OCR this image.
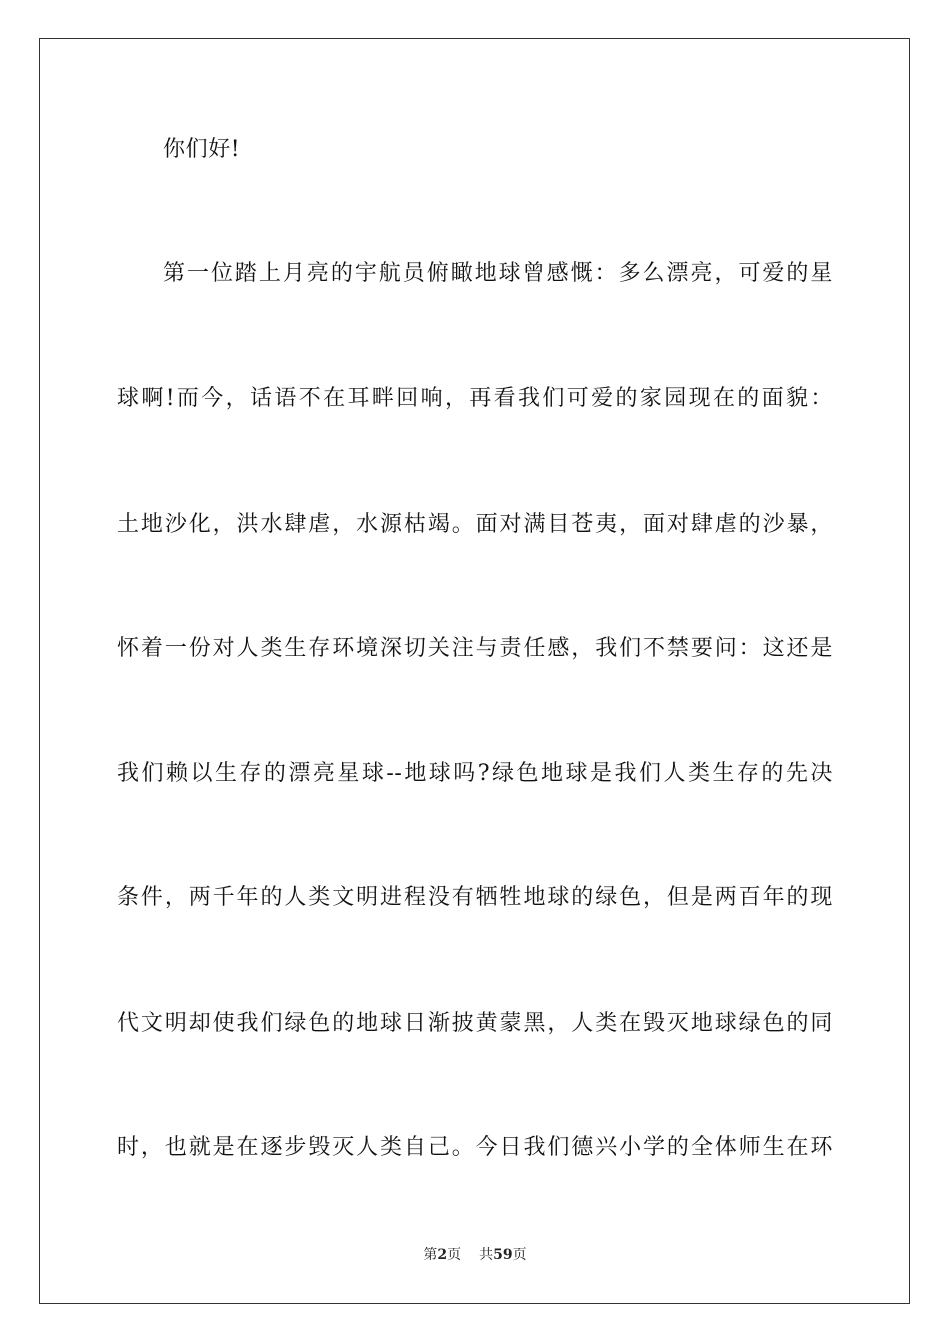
你们好!
第一位踏上月亮的宇航员俯瞰地球曾感慨：多么漂亮，可爱的星
球啊!而今，话语不在耳畔回响，再看我们可爱的家园现在的面貌：
土地沙化，洪水肆虐，水源枯竭。面对满目苍夷，面对肆虐的沙暴，
怀着一份对人类生存环境深切关注与责任感，我们不禁要问：这还是
我们赖以生存的漂亮星球--地球吗?绿色地球是我们人类生存的先决
条件，两千年的人类文明进程没有牺牲地球的绿色，但是两百年的现
代文明却使我们绿色的地球日渐披黄蒙黑，人类在毁灭地球绿色的同
时，也就是在逐步毁灭人类自己。今日我们德兴小学的全体师生在环
第2页 共59页
